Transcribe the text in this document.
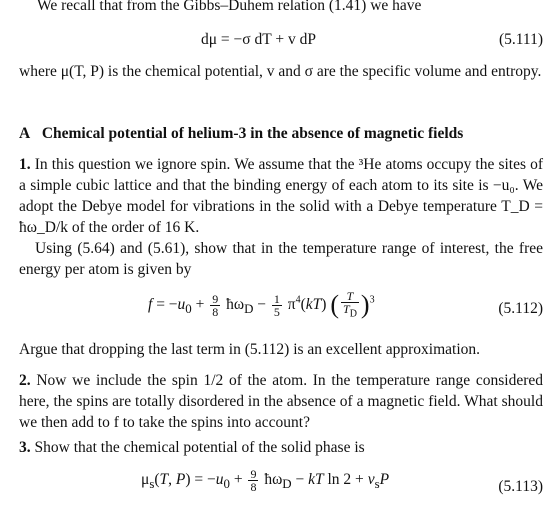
We recall that from the Gibbs–Duhem relation (1.41) we have
dμ = −σ dT + v dP	(5.111)
where μ(T, P) is the chemical potential, v and σ are the specific volume and entropy.
A Chemical potential of helium-3 in the absence of magnetic fields
1. In this question we ignore spin. We assume that the ³He atoms occupy the sites of a simple cubic lattice and that the binding energy of each atom to its site is −u₀. We adopt the Debye model for vibrations in the solid with a Debye temperature T_D = ħω_D/k of the order of 16 K.
Using (5.64) and (5.61), show that in the temperature range of interest, the free energy per atom is given by
$f = -u_0 + \frac{9}{8}$ $ħ\omega_D - \frac{1}{5} \pi^4(kT)$ ( $\frac{T}{T_D} )^3$	(5.112)
Argue that dropping the last term in (5.112) is an excellent approximation.
2. Now we include the spin 1/2 of the atom. In the temperature range considered here, the spins are totally disordered in the absence of a magnetic field. What should we then add to f to take the spins into account?
3. Show that the chemical potential of the solid phase is
$\mu_s(T$, $P) = -u_0 + \frac{9}{8}$ $ħ\omega_D$ − kT $\ln 2 + v_sP$	(5.113)
